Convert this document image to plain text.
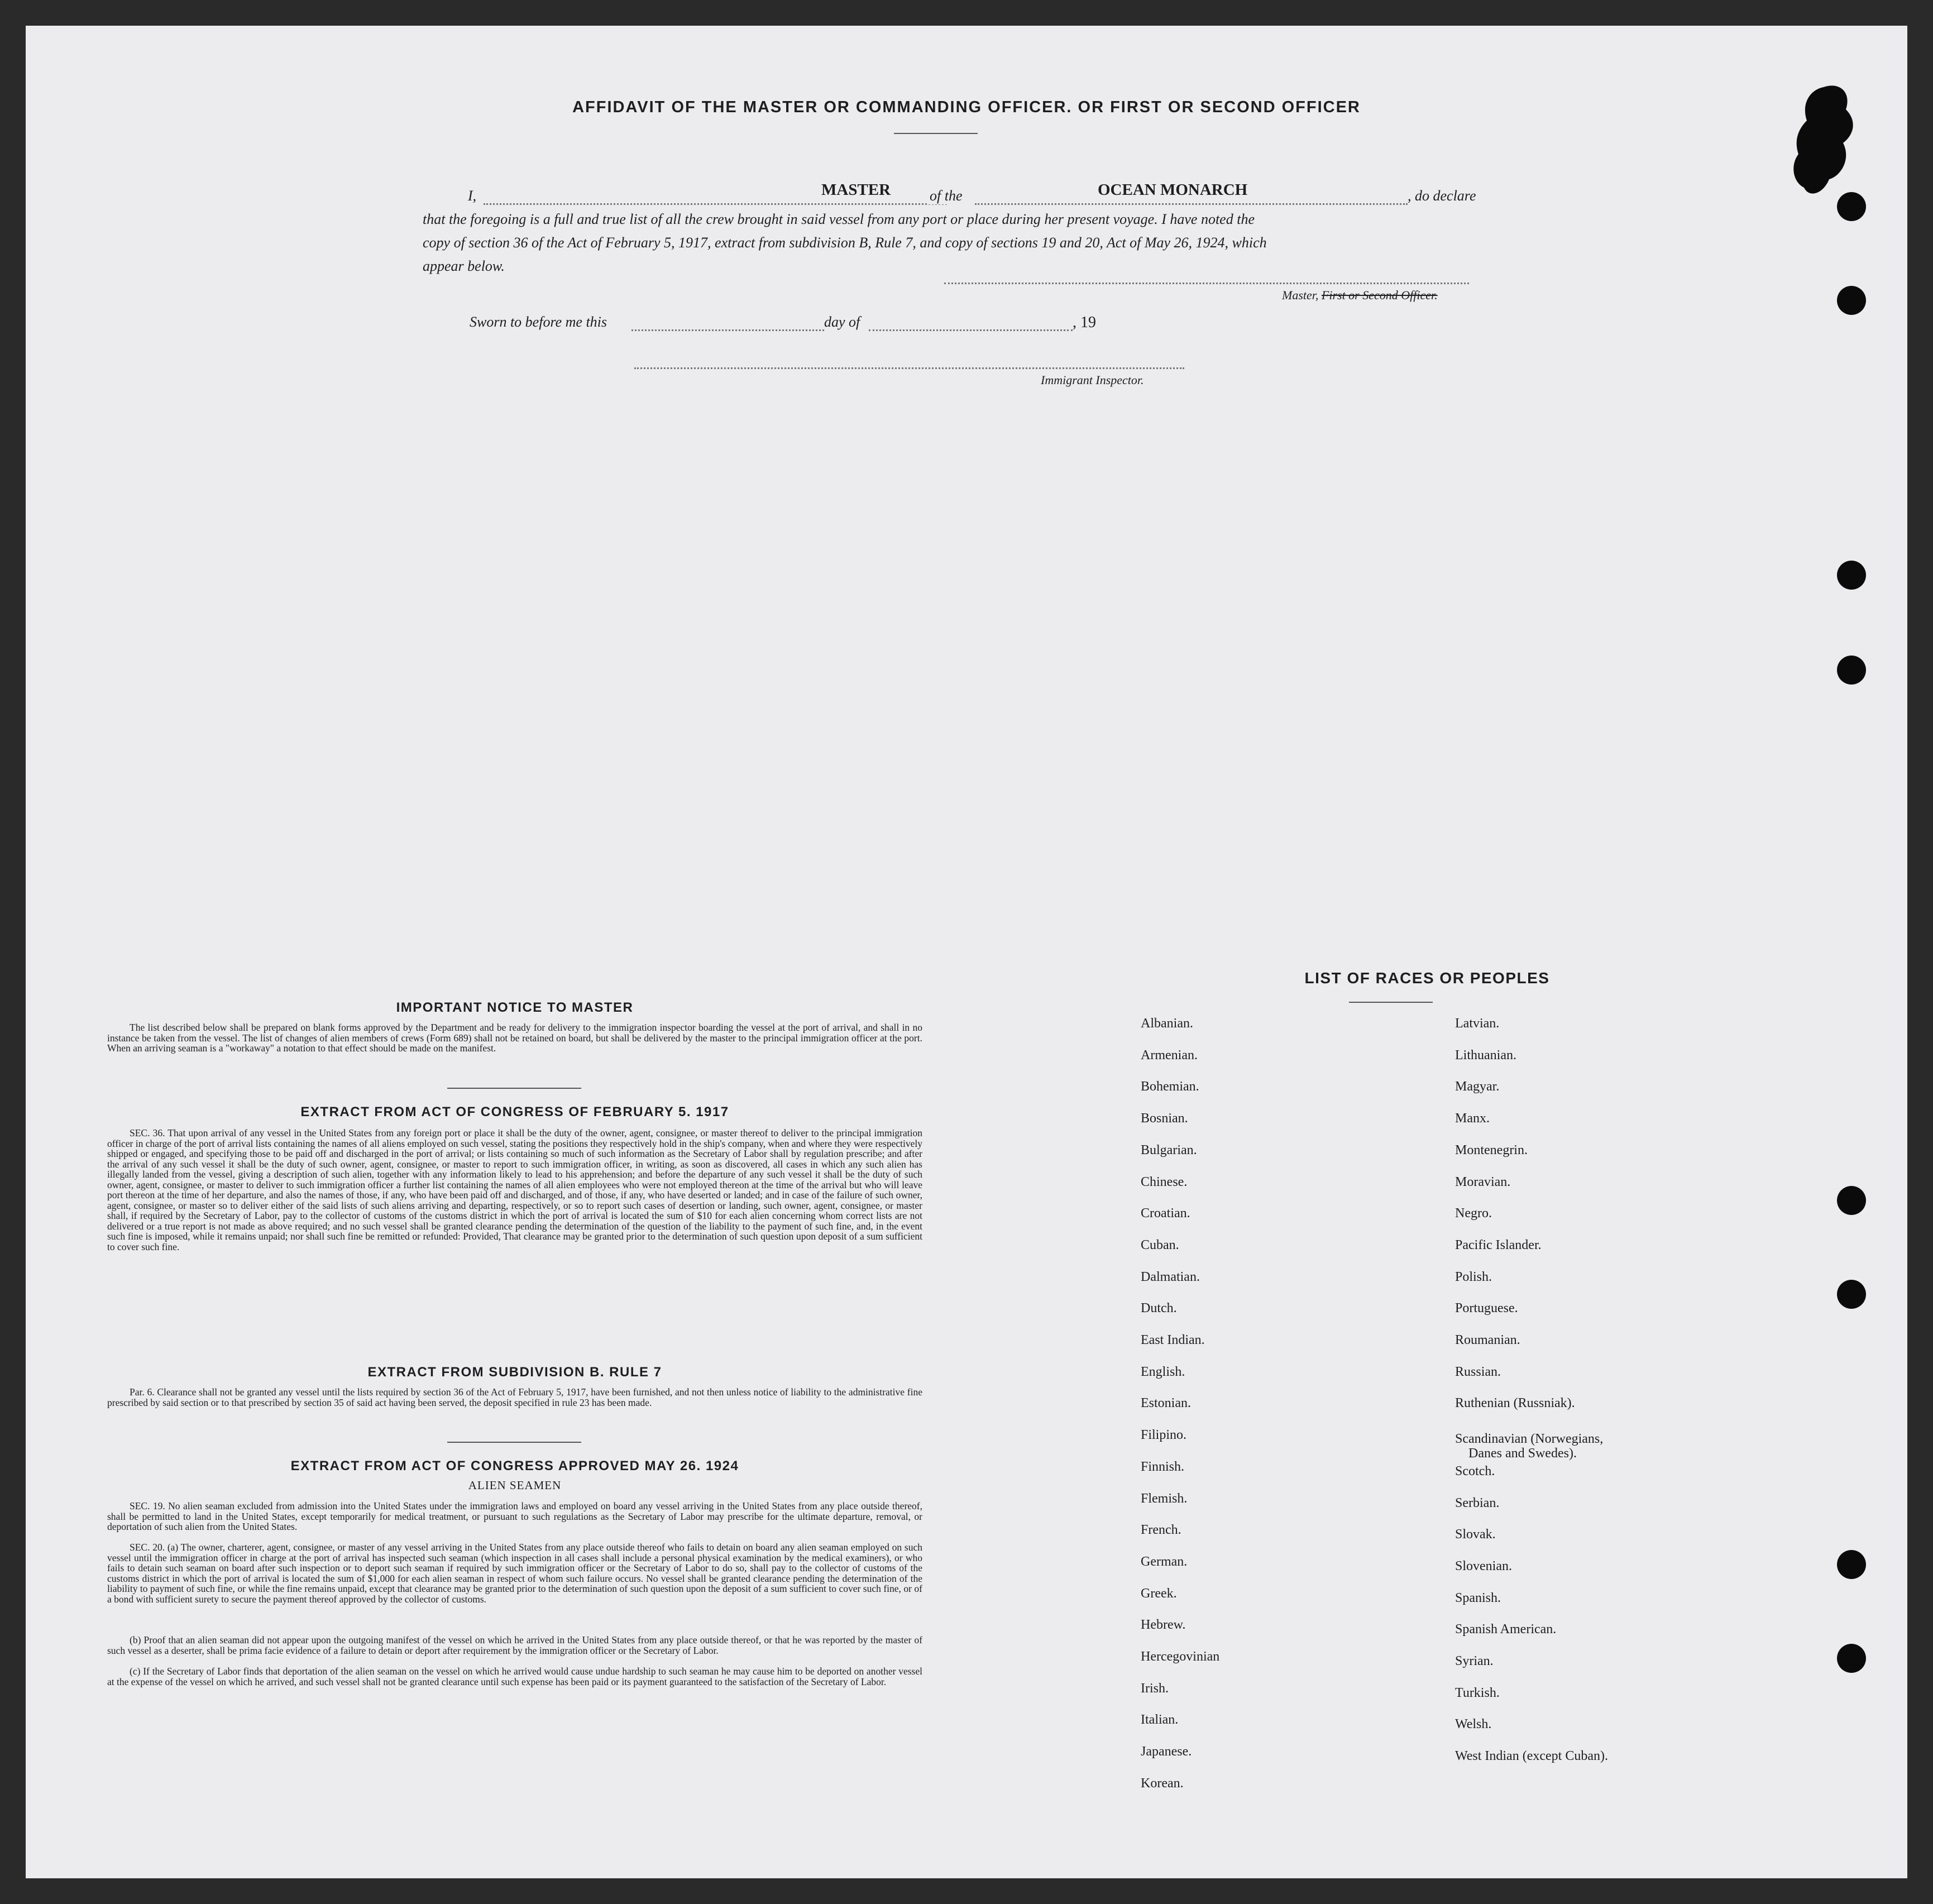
AFFIDAVIT OF THE MASTER OR COMMANDING OFFICER. OR FIRST OR SECOND OFFICER
I,	MASTER	of the	OCEAN MONARCH	, do declare
that the foregoing is a full and true list of all the crew brought in said vessel from any port or place during her present voyage. I have noted the
copy of section 36 of the Act of February 5, 1917, extract from subdivision B, Rule 7, and copy of sections 19 and 20, Act of May 26, 1924, which
appear below.
Master, First or Second Officer.
Sworn to before me this	day of	, 19
Immigrant Inspector.
IMPORTANT NOTICE TO MASTER
The list described below shall be prepared on blank forms approved by the Department and be ready for delivery to the immigration inspector boarding the vessel at the port of arrival, and shall in no instance be taken from the vessel. The list of changes of alien members of crews (Form 689) shall not be retained on board, but shall be delivered by the master to the principal immigration officer at the port. When an arriving seaman is a "workaway" a notation to that effect should be made on the manifest.
EXTRACT FROM ACT OF CONGRESS OF FEBRUARY 5. 1917
SEC. 36. That upon arrival of any vessel in the United States from any foreign port or place it shall be the duty of the owner, agent, consignee, or master thereof to deliver to the principal immigration officer in charge of the port of arrival lists containing the names of all aliens employed on such vessel, stating the positions they respectively hold in the ship's company, when and where they were respectively shipped or engaged, and specifying those to be paid off and discharged in the port of arrival; or lists containing so much of such information as the Secretary of Labor shall by regulation prescribe; and after the arrival of any such vessel it shall be the duty of such owner, agent, consignee, or master to report to such immigration officer, in writing, as soon as discovered, all cases in which any such alien has illegally landed from the vessel, giving a description of such alien, together with any information likely to lead to his apprehension; and before the departure of any such vessel it shall be the duty of such owner, agent, consignee, or master to deliver to such immigration officer a further list containing the names of all alien employees who were not employed thereon at the time of the arrival but who will leave port thereon at the time of her departure, and also the names of those, if any, who have been paid off and discharged, and of those, if any, who have deserted or landed; and in case of the failure of such owner, agent, consignee, or master so to deliver either of the said lists of such aliens arriving and departing, respectively, or so to report such cases of desertion or landing, such owner, agent, consignee, or master shall, if required by the Secretary of Labor, pay to the collector of customs of the customs district in which the port of arrival is located the sum of $10 for each alien concerning whom correct lists are not delivered or a true report is not made as above required; and no such vessel shall be granted clearance pending the determination of the question of the liability to the payment of such fine, and, in the event such fine is imposed, while it remains unpaid; nor shall such fine be remitted or refunded: Provided, That clearance may be granted prior to the determination of such question upon deposit of a sum sufficient to cover such fine.
EXTRACT FROM SUBDIVISION B. RULE 7
Par. 6. Clearance shall not be granted any vessel until the lists required by section 36 of the Act of February 5, 1917, have been furnished, and not then unless notice of liability to the administrative fine prescribed by said section or to that prescribed by section 35 of said act having been served, the deposit specified in rule 23 has been made.
EXTRACT FROM ACT OF CONGRESS APPROVED MAY 26. 1924
ALIEN SEAMEN
SEC. 19. No alien seaman excluded from admission into the United States under the immigration laws and employed on board any vessel arriving in the United States from any place outside thereof, shall be permitted to land in the United States, except temporarily for medical treatment, or pursuant to such regulations as the Secretary of Labor may prescribe for the ultimate departure, removal, or deportation of such alien from the United States.
SEC. 20. (a) The owner, charterer, agent, consignee, or master of any vessel arriving in the United States from any place outside thereof who fails to detain on board any alien seaman employed on such vessel until the immigration officer in charge at the port of arrival has inspected such seaman (which inspection in all cases shall include a personal physical examination by the medical examiners), or who fails to detain such seaman on board after such inspection or to deport such seaman if required by such immigration officer or the Secretary of Labor to do so, shall pay to the collector of customs of the customs district in which the port of arrival is located the sum of $1,000 for each alien seaman in respect of whom such failure occurs. No vessel shall be granted clearance pending the determination of the liability to payment of such fine, or while the fine remains unpaid, except that clearance may be granted prior to the determination of such question upon the deposit of a sum sufficient to cover such fine, or of a bond with sufficient surety to secure the payment thereof approved by the collector of customs.
(b) Proof that an alien seaman did not appear upon the outgoing manifest of the vessel on which he arrived in the United States from any place outside thereof, or that he was reported by the master of such vessel as a deserter, shall be prima facie evidence of a failure to detain or deport after requirement by the immigration officer or the Secretary of Labor.
(c) If the Secretary of Labor finds that deportation of the alien seaman on the vessel on which he arrived would cause undue hardship to such seaman he may cause him to be deported on another vessel at the expense of the vessel on which he arrived, and such vessel shall not be granted clearance until such expense has been paid or its payment guaranteed to the satisfaction of the Secretary of Labor.
LIST OF RACES OR PEOPLES
Albanian.
Armenian.
Bohemian.
Bosnian.
Bulgarian.
Chinese.
Croatian.
Cuban.
Dalmatian.
Dutch.
East Indian.
English.
Estonian.
Filipino.
Finnish.
Flemish.
French.
German.
Greek.
Hebrew.
Hercegovinian
Irish.
Italian.
Japanese.
Korean.
Latvian.
Lithuanian.
Magyar.
Manx.
Montenegrin.
Moravian.
Negro.
Pacific Islander.
Polish.
Portuguese.
Roumanian.
Russian.
Ruthenian (Russniak).
Scandinavian (Norwegians,
Danes and Swedes).
Scotch.
Serbian.
Slovak.
Slovenian.
Spanish.
Spanish American.
Syrian.
Turkish.
Welsh.
West Indian (except Cuban).
